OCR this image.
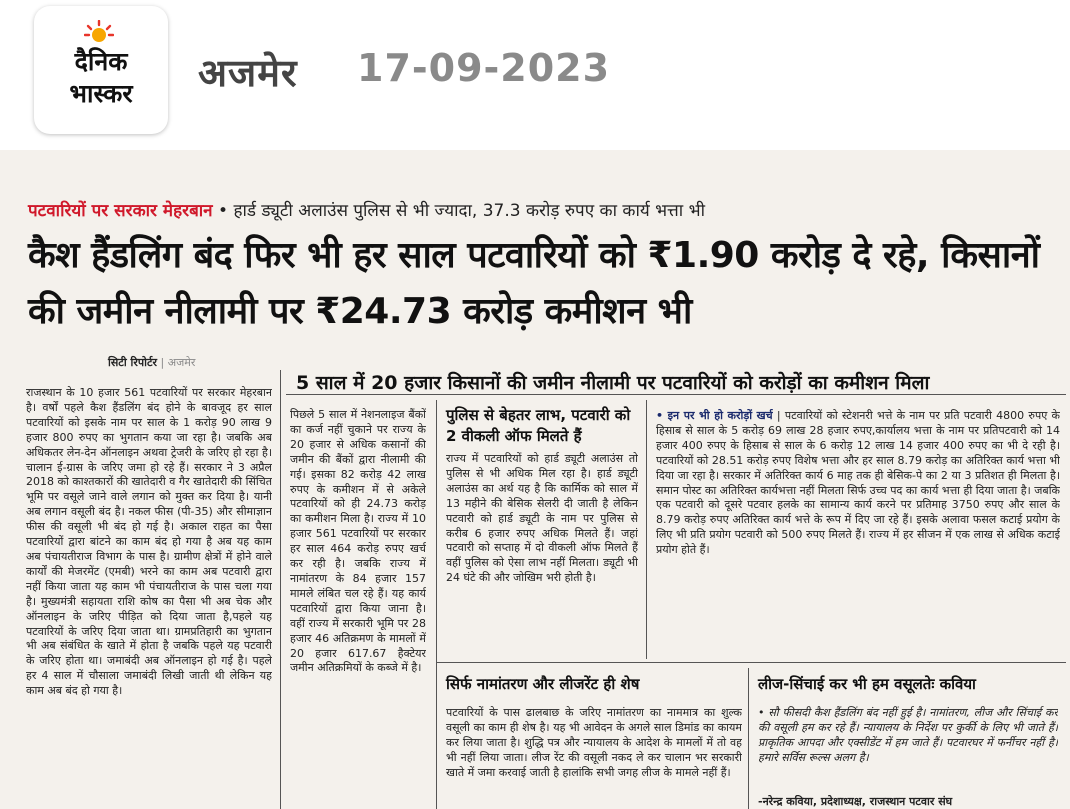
दैनिक
भास्कर	अजमेर 17-09-2023
पटवारियों पर सरकार मेहरबान • हार्ड ड्यूटी अलाउंस पुलिस से भी ज्यादा, 37.3 करोड़ रुपए का कार्य भत्ता भी
कैश हैंडलिंग बंद फिर भी हर साल पटवारियों को ₹1.90 करोड़ दे रहे, किसानों की जमीन नीलामी पर ₹24.73 करोड़ कमीशन भी
सिटी रिपोर्टर | अजमेर
5 साल में 20 हजार किसानों की जमीन नीलामी पर पटवारियों को करोड़ों का कमीशन मिला
राजस्थान के 10 हजार 561 पटवारियों पर सरकार मेहरबान है। वर्षों पहले कैश हैंडलिंग बंद होने के बावजूद हर साल पटवारियों को इसके नाम पर साल के 1 करोड़ 90 लाख 9 हजार 800 रुपए का भुगतान कया जा रहा है। जबकि अब अधिकतर लेन-देन ऑनलाइन अथवा ट्रेजरी के जरिए हो रहा है। चालान ई-ग्रास के जरिए जमा हो रहे हैं। सरकार ने 3 अप्रैल 2018 को काश्तकारों की खातेदारी व गैर खातेदारी की सिंचित भूमि पर वसूले जाने वाले लगान को मुक्त कर दिया है। यानी अब लगान वसूली बंद है। नकल फीस (पी-35) और सीमाज्ञान फीस की वसूली भी बंद हो गई है। अकाल राहत का पैसा पटवारियों द्वारा बांटने का काम बंद हो गया है अब यह काम अब पंचायतीराज विभाग के पास है। ग्रामीण क्षेत्रों में होने वाले कार्यों की मेजरमेंट (एमबी) भरने का काम अब पटवारी द्वारा नहीं किया जाता यह काम भी पंचायतीराज के पास चला गया है। मुख्यमंत्री सहायता राशि कोष का पैसा भी अब चेक और ऑनलाइन के जरिए पीड़ित को दिया जाता है,पहले यह पटवारियों के जरिए दिया जाता था। ग्रामप्रतिहारी का भुगतान भी अब संबंधित के खाते में होता है जबकि पहले यह पटवारी के जरिए होता था। जमाबंदी अब ऑनलाइन हो गई है। पहले हर 4 साल में चौसाला जमाबंदी लिखी जाती थी लेकिन यह काम अब बंद हो गया है।
पिछले 5 साल में नेशनलाइज बैंकों का कर्ज नहीं चुकाने पर राज्य के 20 हजार से अधिक कसानों की जमीन की बैंकों द्वारा नीलामी की गई। इसका 82 करोड़ 42 लाख रुपए के कमीशन में से अकेले पटवारियों को ही 24.73 करोड़ का कमीशन मिला है। राज्य में 10 हजार 561 पटवारियों पर सरकार हर साल 464 करोड़ रुपए खर्च कर रही है। जबकि राज्य में नामांतरण के 84 हजार 157 मामले लंबित चल रहे हैं। यह कार्य पटवारियों द्वारा किया जाना है। वहीं राज्य में सरकारी भूमि पर 28 हजार 46 अतिक्रमण के मामलों में 20 हजार 617.67 हैक्टेयर जमीन अतिक्रमियों के कब्जे में है।
पुलिस से बेहतर लाभ, पटवारी को 2 वीकली ऑफ मिलते हैं
राज्य में पटवारियों को हार्ड ड्यूटी अलाउंस तो पुलिस से भी अधिक मिल रहा है। हार्ड ड्यूटी अलाउंस का अर्थ यह है कि कार्मिक को साल में 13 महीने की बेसिक सेलरी दी जाती है लेकिन पटवारी को हार्ड ड्यूटी के नाम पर पुलिस से करीब 6 हजार रुपए अधिक मिलते हैं। जहां पटवारी को सप्ताह में दो वीकली ऑफ मिलते हैं वहीं पुलिस को ऐसा लाभ नहीं मिलता। ड्यूटी भी 24 घंटे की और जोखिम भरी होती है।
• इन पर भी हो करोड़ों खर्च | पटवारियों को स्टेशनरी भत्ते के नाम पर प्रति पटवारी 4800 रुपए के हिसाब से साल के 5 करोड़ 69 लाख 28 हजार रुपए,कार्यालय भत्ता के नाम पर प्रतिपटवारी को 14 हजार 400 रुपए के हिसाब से साल के 6 करोड़ 12 लाख 14 हजार 400 रुपए का भी दे रही है। पटवारियों को 28.51 करोड़ रुपए विशेष भत्ता और हर साल 8.79 करोड़ का अतिरिक्त कार्य भत्ता भी दिया जा रहा है। सरकार में अतिरिक्त कार्य 6 माह तक ही बेसिक-पे का 2 या 3 प्रतिशत ही मिलता है। समान पोस्ट का अतिरिक्त कार्यभत्ता नहीं मिलता सिर्फ उच्च पद का कार्य भत्ता ही दिया जाता है। जबकि एक पटवारी को दूसरे पटवार हलके का सामान्य कार्य करने पर प्रतिमाह 3750 रुपए और साल के 8.79 करोड़ रुपए अतिरिक्त कार्य भत्ते के रूप में दिए जा रहे हैं। इसके अलावा फसल कटाई प्रयोग के लिए भी प्रति प्रयोग पटवारी को 500 रुपए मिलते हैं। राज्य में हर सीजन में एक लाख से अधिक कटाई प्रयोग होते हैं।
सिर्फ नामांतरण और लीजरेंट ही शेष
पटवारियों के पास ढालबाछ के जरिए नामांतरण का नाममात्र का शुल्क वसूली का काम ही शेष है। यह भी आवेदन के अगले साल डिमांड का कायम कर लिया जाता है। शुद्धि पत्र और न्यायालय के आदेश के मामलों में तो वह भी नहीं लिया जाता। लीज रेंट की वसूली नकद ले कर चालान भर सरकारी खाते में जमा करवाई जाती है हालांकि सभी जगह लीज के मामले नहीं हैं।
लीज-सिंचाई कर भी हम वसूलतेः कविया
• सौ फीसदी कैश हैंडलिंग बंद नहीं हुई है। नामांतरण, लीज और सिंचाई कर की वसूली हम कर रहे हैं। न्यायालय के निर्देश पर कुर्की के लिए भी जाते हैं। प्राकृतिक आपदा और एक्सीडेंट में हम जाते हैं। पटवारघर में फर्नीचर नहीं है। हमारे सर्विस रूल्स अलग है।
-नरेन्द्र कविया, प्रदेशाध्यक्ष, राजस्थान पटवार संघ
